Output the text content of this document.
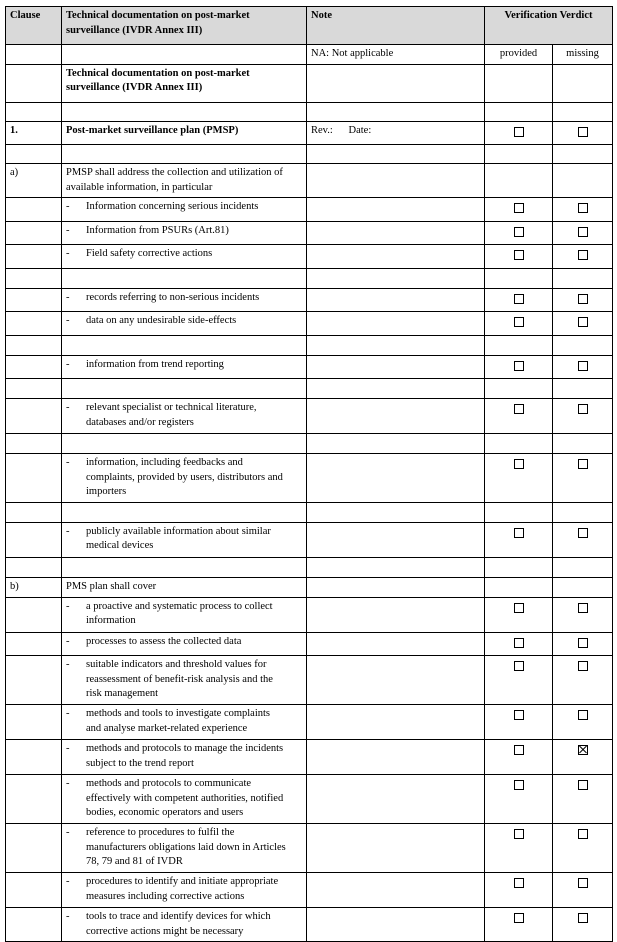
Clause	Technical documentation on post-market surveillance (IVDR Annex III)	Note	Verification Verdict	
		NA: Not applicable	provided	missing
	Technical documentation on post-market surveillance (IVDR Annex III)			

1.	Post-market surveillance plan (PMSP)	Rev.:      Date:		

a)	PMSP shall address the collection and utilization of available information, in particular			
	- Information concerning serious incidents			
	- Information from PSURs (Art.81)			
	- Field safety corrective actions			

	- records referring to non-serious incidents			
	- data on any undesirable side-effects			

	- information from trend reporting			

	- relevant specialist or technical literature, databases and/or registers			

	- information, including feedbacks and complaints, provided by users, distributors and importers			

	- publicly available information about similar medical devices			

b)	PMS plan shall cover			
	- a proactive and systematic process to collect information			
	- processes to assess the collected data			
	- suitable indicators and threshold values for reassessment of benefit-risk analysis and the risk management			
	- methods and tools to investigate complaints and analyse market-related experience			
	- methods and protocols to manage the incidents subject to the trend report			
	- methods and protocols to communicate effectively with competent authorities, notified bodies, economic operators and users			
	- reference to procedures to fulfil the manufacturers obligations laid down in Articles 78, 79 and 81 of IVDR			
	- procedures to identify and initiate appropriate measures including corrective actions			
	- tools to trace and identify devices for which corrective actions might be necessary			
